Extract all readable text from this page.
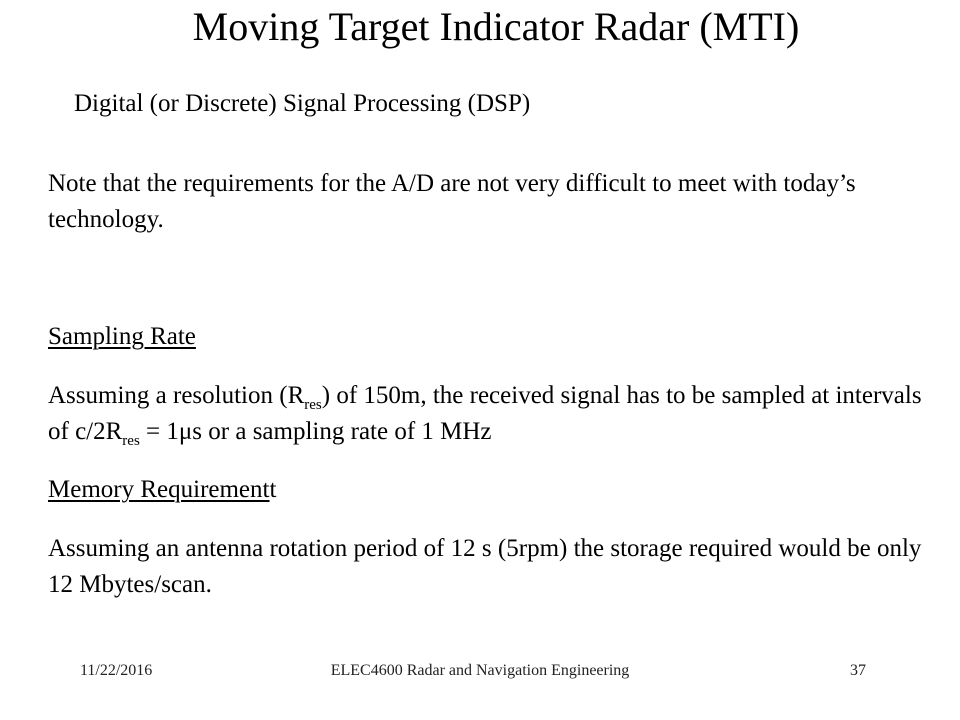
Moving Target Indicator Radar (MTI)
Digital (or Discrete) Signal Processing (DSP)
Note that the requirements for the A/D are not very difficult to meet with today’s technology.
Sampling Rate
Assuming a resolution $(R_{res})$ of 150m, the received signal has to be sampled at intervals of $c/2R_{res} = 1\mu s$ or a sampling rate of 1 MHz
Memory Requirementt
Assuming an antenna rotation period of 12 s (5rpm) the storage required would be only 12 Mbytes/scan.
11/22/2016	ELEC4600 Radar and Navigation Engineering	37
